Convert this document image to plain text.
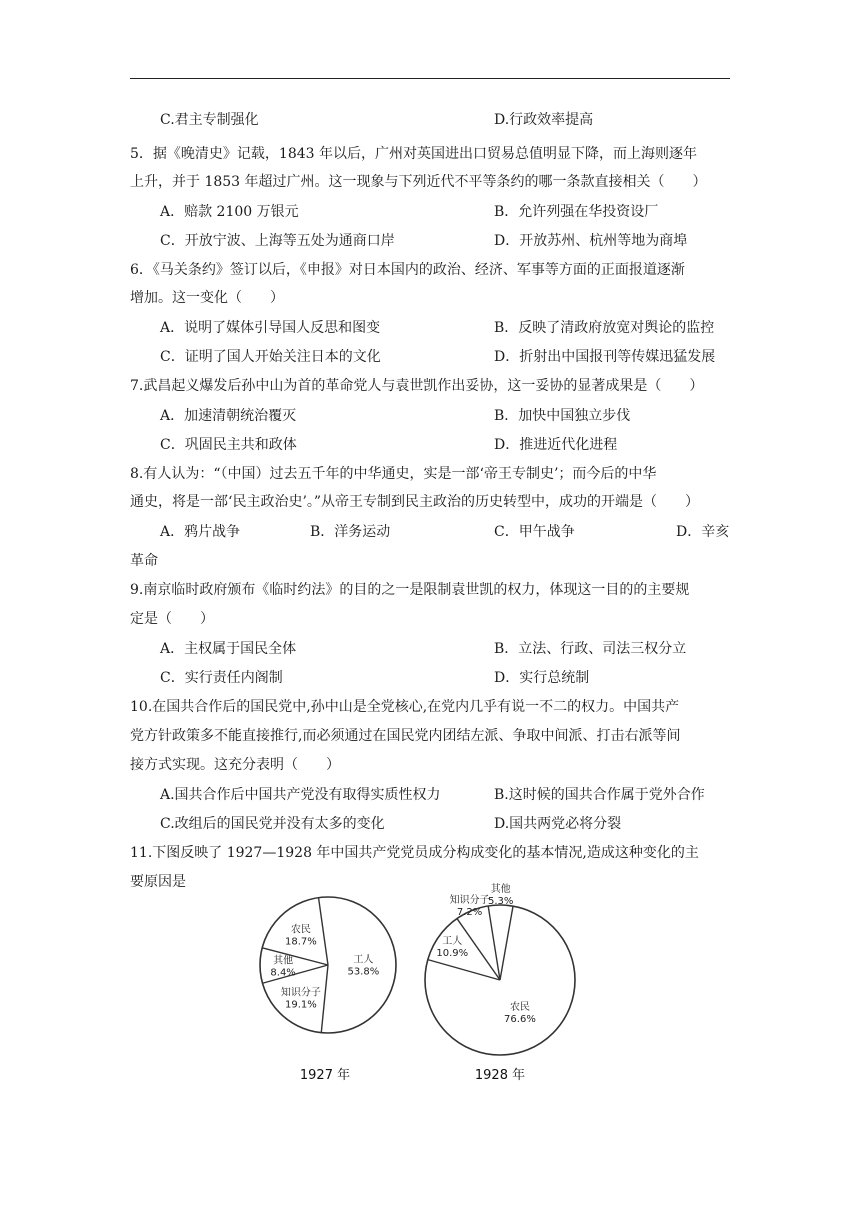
C.君主专制强化	D.行政效率提高
5．据《晚清史》记载，1843 年以后，广州对英国进出口贸易总值明显下降，而上海则逐年
上升，并于 1853 年超过广州。这一现象与下列近代不平等条约的哪一条款直接相关（　　）
A．赔款 2100 万银元	B．允许列强在华投资设厂
C．开放宁波、上海等五处为通商口岸	D．开放苏州、杭州等地为商埠
6．《马关条约》签订以后，《申报》对日本国内的政治、经济、军事等方面的正面报道逐渐
增加。这一变化（　　）
A．说明了媒体引导国人反思和图变	B．反映了清政府放宽对舆论的监控
C．证明了国人开始关注日本的文化	D．折射出中国报刊等传媒迅猛发展
7.武昌起义爆发后孙中山为首的革命党人与袁世凯作出妥协，这一妥协的显著成果是（　　）
A．加速清朝统治覆灭	B．加快中国独立步伐
C．巩固民主共和政体	D．推进近代化进程
8.有人认为：“（中国）过去五千年的中华通史，实是一部‘帝王专制史’；而今后的中华
通史，将是一部‘民主政治史’。”从帝王专制到民主政治的历史转型中，成功的开端是（　　）
A．鸦片战争	B．洋务运动	C．甲午战争	D．辛亥
革命
9.南京临时政府颁布《临时约法》的目的之一是限制袁世凯的权力，体现这一目的的主要规
定是（　　）
A．主权属于国民全体	B．立法、行政、司法三权分立
C．实行责任内阁制	D．实行总统制
10.在国共合作后的国民党中,孙中山是全党核心,在党内几乎有说一不二的权力。中国共产
党方针政策多不能直接推行,而必须通过在国民党内团结左派、争取中间派、打击右派等间
接方式实现。这充分表明（　　）
A.国共合作后中国共产党没有取得实质性权力	B.这时候的国共合作属于党外合作
C.改组后的国民党并没有太多的变化	D.国共两党必将分裂
11.下图反映了 1927—1928 年中国共产党党员成分构成变化的基本情况,造成这种变化的主
要原因是
工人
53.8%
知识分子
19.1%
其他
8.4%
农民
18.7%
1927 年
农民
76.6%
工人
10.9%
知识分子
7.2%
其他
5.3%
1928 年
